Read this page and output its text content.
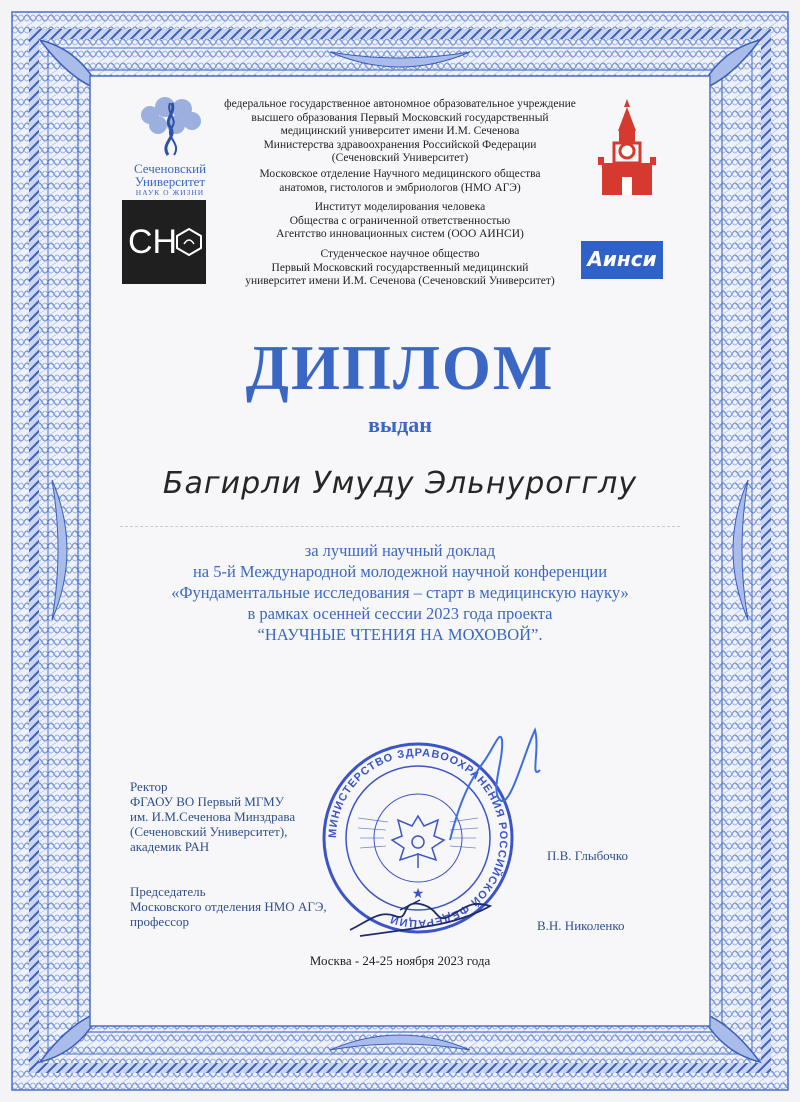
Сеченовский
Университет
НАУК О ЖИЗНИ
CH	Аинси
федеральное государственное автономное образовательное учреждение
высшего образования Первый Московский государственный
медицинский университет имени И.М. Сеченова
Министерства здравоохранения Российской Федерации
(Сеченовский Университет)
Московское отделение Научного медицинского общества
анатомов, гистологов и эмбриологов (НМО АГЭ)
Институт моделирования человека
Общества с ограниченной ответственностью
Агентство инновационных систем (ООО АИНСИ)
Студенческое научное общество
Первый Московский государственный медицинский
университет имени И.М. Сеченова (Сеченовский Университет)
ДИПЛОМ
выдан
Багирли Умуду Эльнурогглу
за лучший научный доклад
на 5-й Международной молодежной научной конференции
«Фундаментальные исследования – старт в медицинскую науку»
в рамках осенней сессии 2023 года проекта
“НАУЧНЫЕ ЧТЕНИЯ НА МОХОВОЙ”.
МИНИСТЕРСТВО ЗДРАВООХРАНЕНИЯ РОССИЙСКОЙ ФЕДЕРАЦИИ
★
Ректор
ФГАОУ ВО Первый МГМУ
им. И.М.Сеченова Минздрава
(Сеченовский Университет),
академик РАН
П.В. Глыбочко
Председатель
Московского отделения НМО АГЭ,
профессор	В.Н. Николенко
Москва - 24-25 ноября 2023 года
